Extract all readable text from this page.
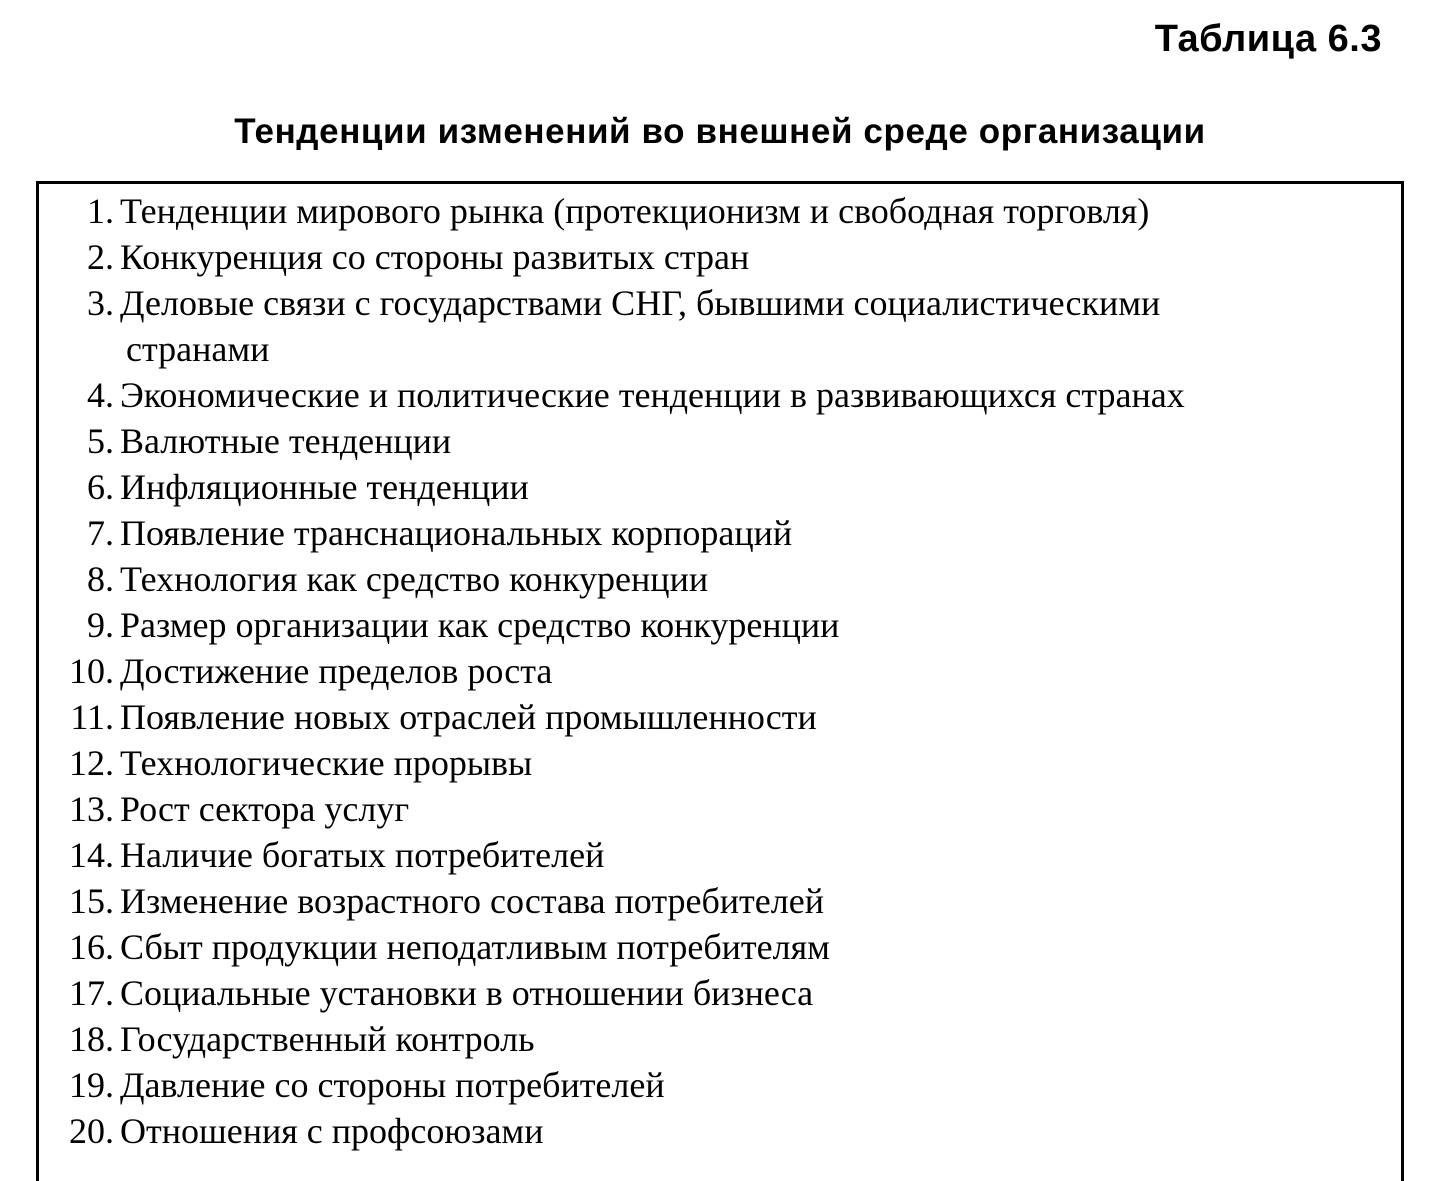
Таблица 6.3
Тенденции изменений во внешней среде организации
1. Тенденции мирового рынка (протекционизм и свободная торговля)
2. Конкуренция со стороны развитых стран
3. Деловые связи с государствами СНГ, бывшими социалистическими
странами
4. Экономические и политические тенденции в развивающихся странах
5. Валютные тенденции
6. Инфляционные тенденции
7. Появление транснациональных корпораций
8. Технология как средство конкуренции
9. Размер организации как средство конкуренции
10. Достижение пределов роста
11. Появление новых отраслей промышленности
12. Технологические прорывы
13. Рост сектора услуг
14. Наличие богатых потребителей
15. Изменение возрастного состава потребителей
16. Сбыт продукции неподатливым потребителям
17. Социальные установки в отношении бизнеса
18. Государственный контроль
19. Давление со стороны потребителей
20. Отношения с профсоюзами
